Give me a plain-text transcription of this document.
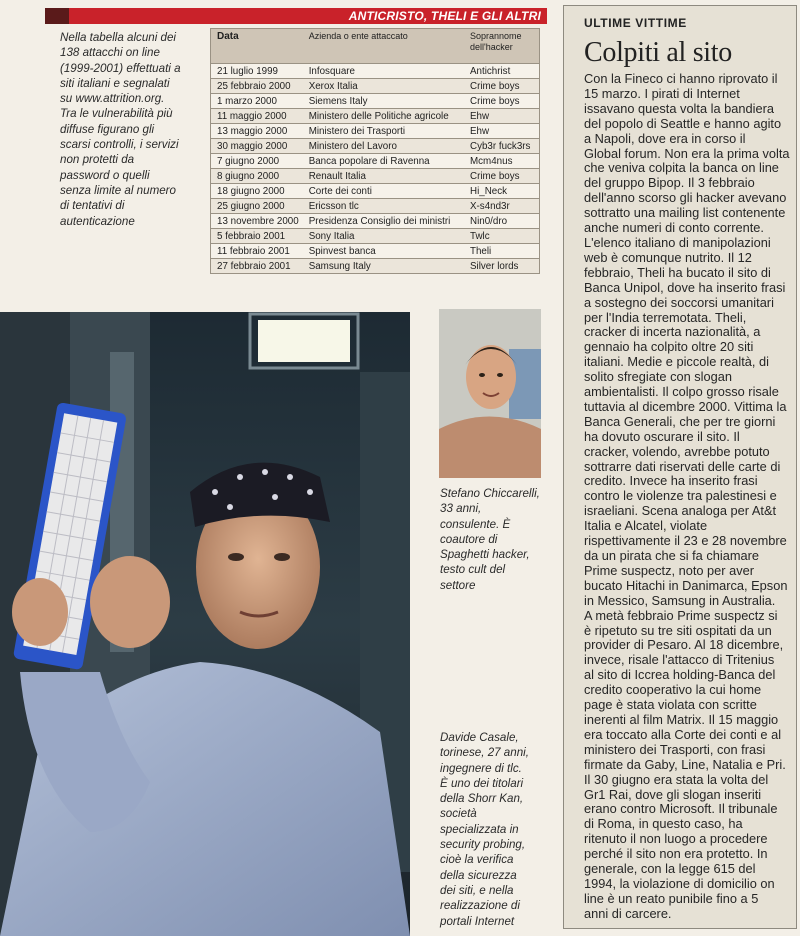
ANTICRISTO, THELI E GLI ALTRI
Nella tabella alcuni dei
138 attacchi on line
(1999-2001) effettuati a
siti italiani e segnalati
su www.attrition.org.
Tra le vulnerabilità più
diffuse figurano gli
scarsi controlli, i servizi
non protetti da
password o quelli
senza limite al numero
di tentativi di
autenticazione
Data	Azienda o ente attaccato	Soprannome dell'hacker
21 luglio 1999	Infosquare	Antichrist
25 febbraio 2000	Xerox Italia	Crime boys
1 marzo 2000	Siemens Italy	Crime boys
11 maggio 2000	Ministero delle Politiche agricole	Ehw
13 maggio 2000	Ministero dei Trasporti	Ehw
30 maggio 2000	Ministero del Lavoro	Cyb3r fuck3rs
7 giugno 2000	Banca popolare di Ravenna	Mcm4nus
8 giugno 2000	Renault Italia	Crime boys
18 giugno 2000	Corte dei conti	Hi_Neck
25 giugno 2000	Ericsson tlc	X-s4nd3r
13 novembre 2000	Presidenza Consiglio dei ministri	Nin0/dro
5 febbraio 2001	Sony Italia	Twlc
11 febbraio 2001	Spinvest banca	Theli
27 febbraio 2001	Samsung Italy	Silver lords
Stefano Chiccarelli,
33 anni,
consulente. È
coautore di
Spaghetti hacker,
testo cult del
settore
Davide Casale,
torinese, 27 anni,
ingegnere di tlc.
È uno dei titolari
della Shorr Kan,
società
specializzata in
security probing,
cioè la verifica
della sicurezza
dei siti, e nella
realizzazione di
portali Internet
ULTIME VITTIME
Colpiti al sito
Con la Fineco ci hanno riprovato il
15 marzo. I pirati di Internet
issavano questa volta la bandiera
del popolo di Seattle e hanno agito
a Napoli, dove era in corso il
Global forum. Non era la prima volta
che veniva colpita la banca on line
del gruppo Bipop. Il 3 febbraio
dell'anno scorso gli hacker avevano
sottratto una mailing list contenente
anche numeri di conto corrente.
L'elenco italiano di manipolazioni
web è comunque nutrito. Il 12
febbraio, Theli ha bucato il sito di
Banca Unipol, dove ha inserito frasi
a sostegno dei soccorsi umanitari
per l'India terremotata. Theli,
cracker di incerta nazionalità, a
gennaio ha colpito oltre 20 siti
italiani. Medie e piccole realtà, di
solito sfregiate con slogan
ambientalisti. Il colpo grosso risale
tuttavia al dicembre 2000. Vittima la
Banca Generali, che per tre giorni
ha dovuto oscurare il sito. Il
cracker, volendo, avrebbe potuto
sottrarre dati riservati delle carte di
credito. Invece ha inserito frasi
contro le violenze tra palestinesi e
israeliani. Scena analoga per At&t
Italia e Alcatel, violate
rispettivamente il 23 e 28 novembre
da un pirata che si fa chiamare
Prime suspectz, noto per aver
bucato Hitachi in Danimarca, Epson
in Messico, Samsung in Australia.
A metà febbraio Prime suspectz si
è ripetuto su tre siti ospitati da un
provider di Pesaro. Al 18 dicembre,
invece, risale l'attacco di Tritenius
al sito di Iccrea holding-Banca del
credito cooperativo la cui home
page è stata violata con scritte
inerenti al film Matrix. Il 15 maggio
era toccato alla Corte dei conti e al
ministero dei Trasporti, con frasi
firmate da Gaby, Line, Natalia e Pri.
Il 30 giugno era stata la volta del
Gr1 Rai, dove gli slogan inseriti
erano contro Microsoft. Il tribunale
di Roma, in questo caso, ha
ritenuto il non luogo a procedere
perché il sito non era protetto. In
generale, con la legge 615 del
1994, la violazione di domicilio on
line è un reato punibile fino a 5
anni di carcere.
